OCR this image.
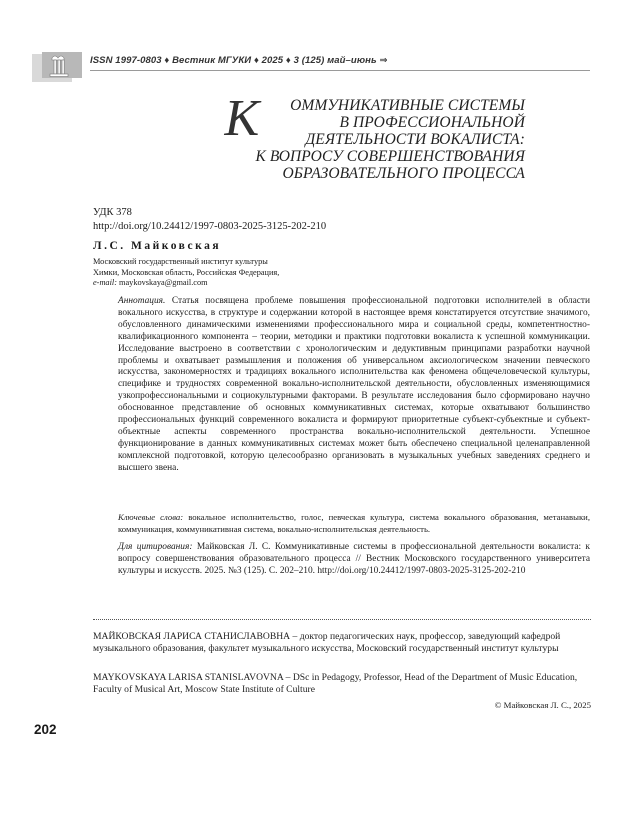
ISSN 1997-0803 ♦ Вестник МГУКИ ♦ 2025 ♦ 3 (125) май–июнь ⇒
К	ОММУНИКАТИВНЫЕ СИСТЕМЫ
В ПРОФЕССИОНАЛЬНОЙ
ДЕЯТЕЛЬНОСТИ ВОКАЛИСТА:
К ВОПРОСУ СОВЕРШЕНСТВОВАНИЯ
ОБРАЗОВАТЕЛЬНОГО ПРОЦЕССА
УДК 378
http://doi.org/10.24412/1997-0803-2025-3125-202-210
Л.С. Майковская
Московский государственный институт культуры
Химки, Московская область, Российская Федерация,
e-mail: maykovskaya@gmail.com
Аннотация. Статья посвящена проблеме повышения профессиональной подготовки исполнителей в области вокального искусства, в структуре и содержании которой в настоящее время констатируется отсутствие значимого, обусловленного динамическими изменениями профессионального мира и социальной среды, компетентностно-квалификационного компонента – теории, методики и практики подготовки вокалиста к успешной коммуникации. Исследование выстроено в соответствии с хронологическим и дедуктивным принципами разработки научной проблемы и охватывает размышления и положения об универсальном аксиологическом значении певческого искусства, закономерностях и традициях вокального исполнительства как феномена общечеловеческой культуры, специфике и трудностях современной вокально-исполнительской деятельности, обусловленных изменяющимися узкопрофессиональными и социокультурными факторами. В результате исследования было сформировано научно обоснованное представление об основных коммуникативных системах, которые охватывают большинство профессиональных функций современного вокалиста и формируют приоритетные субъект-субъектные и субъект-объектные аспекты современного пространства вокально-исполнительской деятельности. Успешное функционирование в данных коммуникативных системах может быть обеспечено специальной целенаправленной комплексной подготовкой, которую целесообразно организовать в музыкальных учебных заведениях среднего и высшего звена.
Ключевые слова: вокальное исполнительство, голос, певческая культура, система вокального образования, метанавыки, коммуникация, коммуникативная система, вокально-исполнительская деятельность.
Для цитирования: Майковская Л. С. Коммуникативные системы в профессиональной деятельности вокалиста: к вопросу совершенствования образовательного процесса // Вестник Московского государственного университета культуры и искусств. 2025. №3 (125). С. 202–210. http://doi.org/10.24412/1997-0803-2025-3125-202-210
МАЙКОВСКАЯ ЛАРИСА СТАНИСЛАВОВНА – доктор педагогических наук, профессор, заведующий кафедрой музыкального образования, факультет музыкального искусства, Московский государственный институт культуры
MAYKOVSKAYA LARISA STANISLAVOVNA – DSc in Pedagogy, Professor, Head of the Department of Music Education, Faculty of Musical Art, Moscow State Institute of Culture
© Майковская Л. С., 2025
202
